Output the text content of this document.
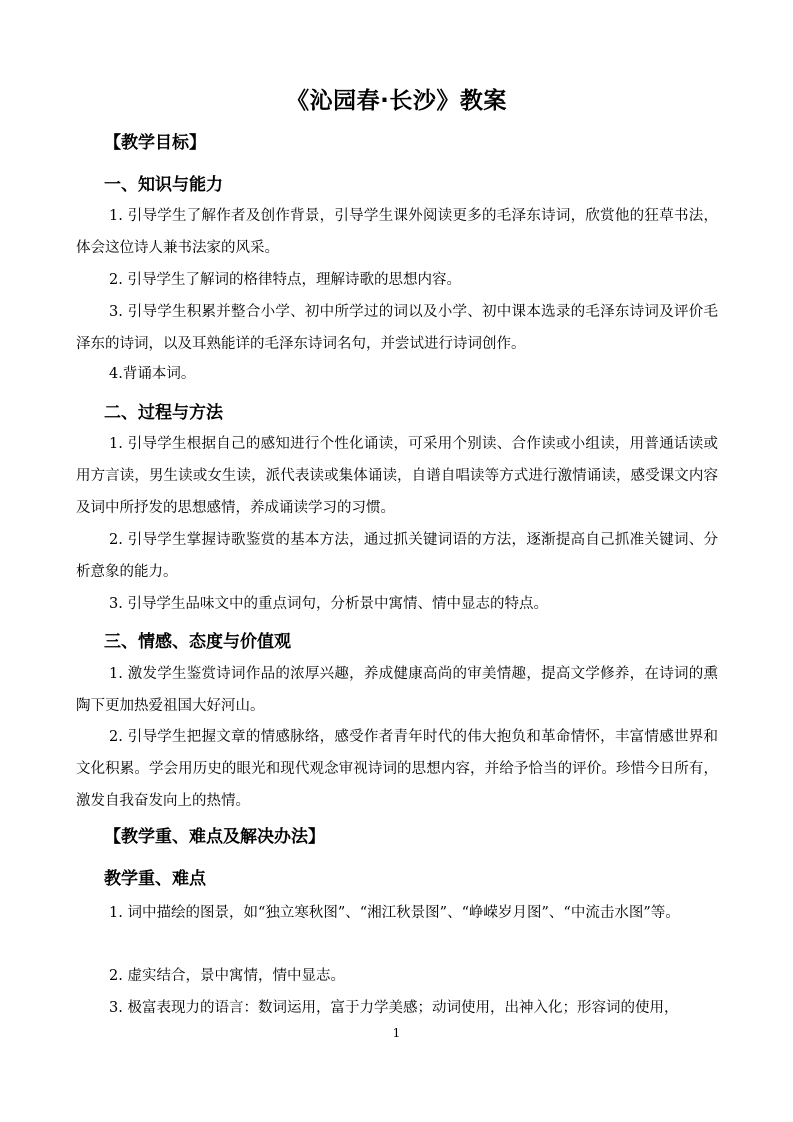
《沁园春·长沙》教案
【教学目标】
一、知识与能力
1. 引导学生了解作者及创作背景，引导学生课外阅读更多的毛泽东诗词，欣赏他的狂草书法，体会这位诗人兼书法家的风采。
2. 引导学生了解词的格律特点，理解诗歌的思想内容。
3. 引导学生积累并整合小学、初中所学过的词以及小学、初中课本选录的毛泽东诗词及评价毛泽东的诗词，以及耳熟能详的毛泽东诗词名句，并尝试进行诗词创作。
4.背诵本词。
二、过程与方法
1. 引导学生根据自己的感知进行个性化诵读，可采用个别读、合作读或小组读，用普通话读或用方言读，男生读或女生读，派代表读或集体诵读，自谱自唱读等方式进行激情诵读，感受课文内容及词中所抒发的思想感情，养成诵读学习的习惯。
2. 引导学生掌握诗歌鉴赏的基本方法，通过抓关键词语的方法，逐渐提高自己抓准关键词、分析意象的能力。
3. 引导学生品味文中的重点词句，分析景中寓情、情中显志的特点。
三、情感、态度与价值观
1. 激发学生鉴赏诗词作品的浓厚兴趣，养成健康高尚的审美情趣，提高文学修养，在诗词的熏陶下更加热爱祖国大好河山。
2. 引导学生把握文章的情感脉络，感受作者青年时代的伟大抱负和革命情怀，丰富情感世界和文化积累。学会用历史的眼光和现代观念审视诗词的思想内容，并给予恰当的评价。珍惜今日所有，激发自我奋发向上的热情。
【教学重、难点及解决办法】
教学重、难点
1. 词中描绘的图景，如“独立寒秋图”、“湘江秋景图”、“峥嵘岁月图”、“中流击水图”等。
2. 虚实结合，景中寓情，情中显志。
3. 极富表现力的语言：数词运用，富于力学美感；动词使用，出神入化；形容词的使用，
1
